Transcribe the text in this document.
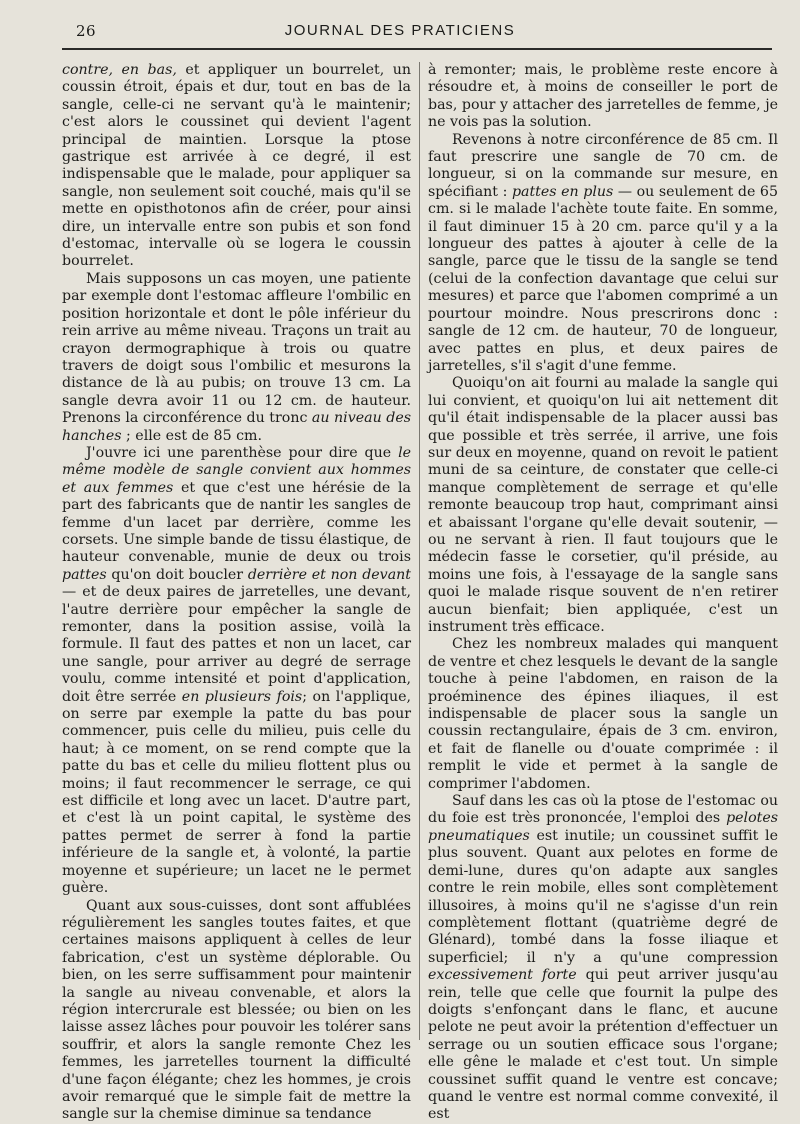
26	JOURNAL DES PRATICIENS

contre, en bas, et appliquer un bourrelet, un coussin étroit, épais et dur, tout en bas de la sangle, celle-ci ne servant qu'à le maintenir; c'est alors le coussinet qui devient l'agent principal de maintien. Lorsque la ptose gastrique est arrivée à ce degré, il est indispensable que le malade, pour appliquer sa sangle, non seulement soit couché, mais qu'il se mette en opisthotonos afin de créer, pour ainsi dire, un intervalle entre son pubis et son fond d'estomac, intervalle où se logera le coussin bourrelet.

Mais supposons un cas moyen, une patiente par exemple dont l'estomac affleure l'ombilic en position horizontale et dont le pôle inférieur du rein arrive au même niveau. Traçons un trait au crayon dermographique à trois ou quatre travers de doigt sous l'ombilic et mesurons la distance de là au pubis; on trouve 13 cm. La sangle devra avoir 11 ou 12 cm. de hauteur. Prenons la circonférence du tronc au niveau des hanches ; elle est de 85 cm.

J'ouvre ici une parenthèse pour dire que le même modèle de sangle convient aux hommes et aux femmes et que c'est une hérésie de la part des fabricants que de nantir les sangles de femme d'un lacet par derrière, comme les corsets. Une simple bande de tissu élastique, de hauteur convenable, munie de deux ou trois pattes qu'on doit boucler derrière et non devant — et de deux paires de jarretelles, une devant, l'autre derrière pour empêcher la sangle de remonter, dans la position assise, voilà la formule. Il faut des pattes et non un lacet, car une sangle, pour arriver au degré de serrage voulu, comme intensité et point d'application, doit être serrée en plusieurs fois; on l'applique, on serre par exemple la patte du bas pour commencer, puis celle du milieu, puis celle du haut; à ce moment, on se rend compte que la patte du bas et celle du milieu flottent plus ou moins; il faut recommencer le serrage, ce qui est difficile et long avec un lacet. D'autre part, et c'est là un point capital, le système des pattes permet de serrer à fond la partie inférieure de la sangle et, à volonté, la partie moyenne et supérieure; un lacet ne le permet guère.

Quant aux sous-cuisses, dont sont affublées régulièrement les sangles toutes faites, et que certaines maisons appliquent à celles de leur fabrication, c'est un système déplorable. Ou bien, on les serre suffisamment pour maintenir la sangle au niveau convenable, et alors la région intercrurale est blessée; ou bien on les laisse assez lâches pour pouvoir les tolérer sans souffrir, et alors la sangle remonte Chez les femmes, les jarretelles tournent la difficulté d'une façon élégante; chez les hommes, je crois avoir remarqué que le simple fait de mettre la sangle sur la chemise diminue sa tendance

à remonter; mais, le problème reste encore à résoudre et, à moins de conseiller le port de bas, pour y attacher des jarretelles de femme, je ne vois pas la solution.

Revenons à notre circonférence de 85 cm. Il faut prescrire une sangle de 70 cm. de longueur, si on la commande sur mesure, en spécifiant : pattes en plus — ou seulement de 65 cm. si le malade l'achète toute faite. En somme, il faut diminuer 15 à 20 cm. parce qu'il y a la longueur des pattes à ajouter à celle de la sangle, parce que le tissu de la sangle se tend (celui de la confection davantage que celui sur mesures) et parce que l'abomen comprimé a un pourtour moindre. Nous prescrirons donc : sangle de 12 cm. de hauteur, 70 de longueur, avec pattes en plus, et deux paires de jarretelles, s'il s'agit d'une femme.

Quoiqu'on ait fourni au malade la sangle qui lui convient, et quoiqu'on lui ait nettement dit qu'il était indispensable de la placer aussi bas que possible et très serrée, il arrive, une fois sur deux en moyenne, quand on revoit le patient muni de sa ceinture, de constater que celle-ci manque complètement de serrage et qu'elle remonte beaucoup trop haut, comprimant ainsi et abaissant l'organe qu'elle devait soutenir, — ou ne servant à rien. Il faut toujours que le médecin fasse le corsetier, qu'il préside, au moins une fois, à l'essayage de la sangle sans quoi le malade risque souvent de n'en retirer aucun bienfait; bien appliquée, c'est un instrument très efficace.

Chez les nombreux malades qui manquent de ventre et chez lesquels le devant de la sangle touche à peine l'abdomen, en raison de la proéminence des épines iliaques, il est indispensable de placer sous la sangle un coussin rectangulaire, épais de 3 cm. environ, et fait de flanelle ou d'ouate comprimée : il remplit le vide et permet à la sangle de comprimer l'abdomen.

Sauf dans les cas où la ptose de l'estomac ou du foie est très prononcée, l'emploi des pelotes pneumatiques est inutile; un coussinet suffit le plus souvent. Quant aux pelotes en forme de demi-lune, dures qu'on adapte aux sangles contre le rein mobile, elles sont complètement illusoires, à moins qu'il ne s'agisse d'un rein complètement flottant (quatrième degré de Glénard), tombé dans la fosse iliaque et superficiel; il n'y a qu'une compression excessivement forte qui peut arriver jusqu'au rein, telle que celle que fournit la pulpe des doigts s'enfonçant dans le flanc, et aucune pelote ne peut avoir la prétention d'effectuer un serrage ou un soutien efficace sous l'organe; elle gêne le malade et c'est tout. Un simple coussinet suffit quand le ventre est concave; quand le ventre est normal comme convexité, il est
